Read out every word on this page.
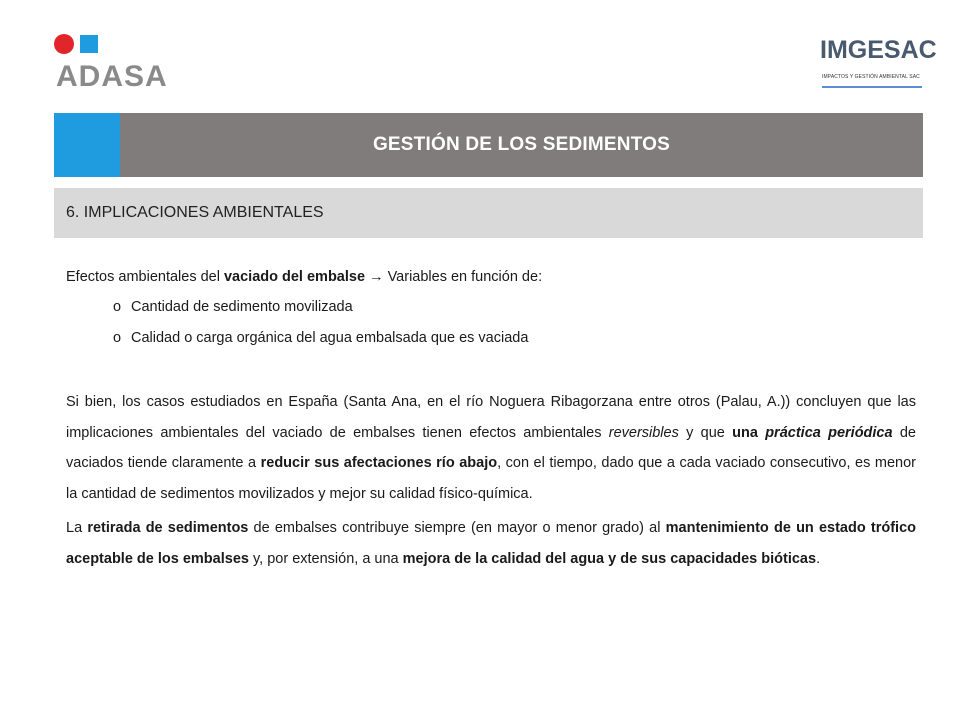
ADASA
IMGESAC
IMPACTOS Y GESTIÓN AMBIENTAL SAC
GESTIÓN DE LOS SEDIMENTOS
6. IMPLICACIONES AMBIENTALES
Efectos ambientales del vaciado del embalse → Variables en función de:
o Cantidad de sedimento movilizada
o Calidad o carga orgánica del agua embalsada que es vaciada

Si bien, los casos estudiados en España (Santa Ana, en el río Noguera Ribagorzana entre otros (Palau, A.)) concluyen que las implicaciones ambientales del vaciado de embalses tienen efectos ambientales reversibles y que una práctica periódica de vaciados tiende claramente a reducir sus afectaciones río abajo, con el tiempo, dado que a cada vaciado consecutivo, es menor la cantidad de sedimentos movilizados y mejor su calidad físico-química.

La retirada de sedimentos de embalses contribuye siempre (en mayor o menor grado) al mantenimiento de un estado trófico aceptable de los embalses y, por extensión, a una mejora de la calidad del agua y de sus capacidades bióticas.
